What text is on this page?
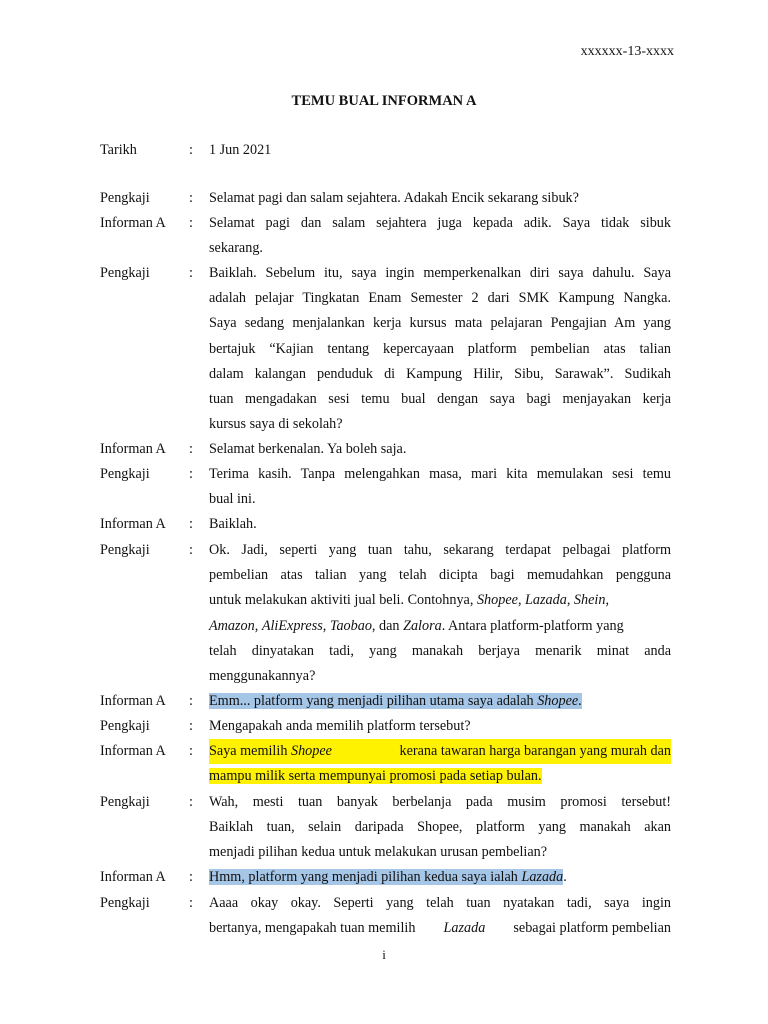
xxxxxx-13-xxxx
TEMU BUAL INFORMAN A
Tarikh	: 1 Jun 2021
Pengkaji	: Selamat pagi dan salam sejahtera. Adakah Encik sekarang sibuk?
Informan A : Selamat pagi dan salam sejahtera juga kepada adik. Saya tidak sibuk
sekarang.
Pengkaji	: Baiklah. Sebelum itu, saya ingin memperkenalkan diri saya dahulu. Saya
adalah pelajar Tingkatan Enam Semester 2 dari SMK Kampung Nangka.
Saya sedang menjalankan kerja kursus mata pelajaran Pengajian Am yang
bertajuk “Kajian tentang kepercayaan platform pembelian atas talian
dalam kalangan penduduk di Kampung Hilir, Sibu, Sarawak”. Sudikah
tuan mengadakan sesi temu bual dengan saya bagi menjayakan kerja
kursus saya di sekolah?
Informan A : Selamat berkenalan. Ya boleh saja.
Pengkaji	: Terima kasih. Tanpa melengahkan masa, mari kita memulakan sesi temu
bual ini.
Informan A : Baiklah.
Pengkaji	: Ok. Jadi, seperti yang tuan tahu, sekarang terdapat pelbagai platform
pembelian atas talian yang telah dicipta bagi memudahkan pengguna
untuk melakukan aktiviti jual beli. Contohnya, Shopee, Lazada, Shein,
Amazon, AliExpress, Taobao, dan Zalora. Antara platform-platform yang
telah dinyatakan tadi, yang manakah berjaya menarik minat anda
menggunakannya?
Informan A : Emm... platform yang menjadi pilihan utama saya adalah Shopee.
Pengkaji	: Mengapakah anda memilih platform tersebut?
Informan A : Saya memilih Shopee	kerana tawaran harga barangan yang murah dan
mampu milik serta mempunyai promosi pada setiap bulan.
Pengkaji	: Wah, mesti tuan banyak berbelanja pada musim promosi tersebut!
Baiklah tuan, selain daripada Shopee, platform yang manakah akan
menjadi pilihan kedua untuk melakukan urusan pembelian?
Informan A : Hmm, platform yang menjadi pilihan kedua saya ialah Lazada.
Pengkaji	: Aaaa okay okay. Seperti yang telah tuan nyatakan tadi, saya ingin
bertanya, mengapakah tuan memilih Lazada sebagai platform pembelian
i
